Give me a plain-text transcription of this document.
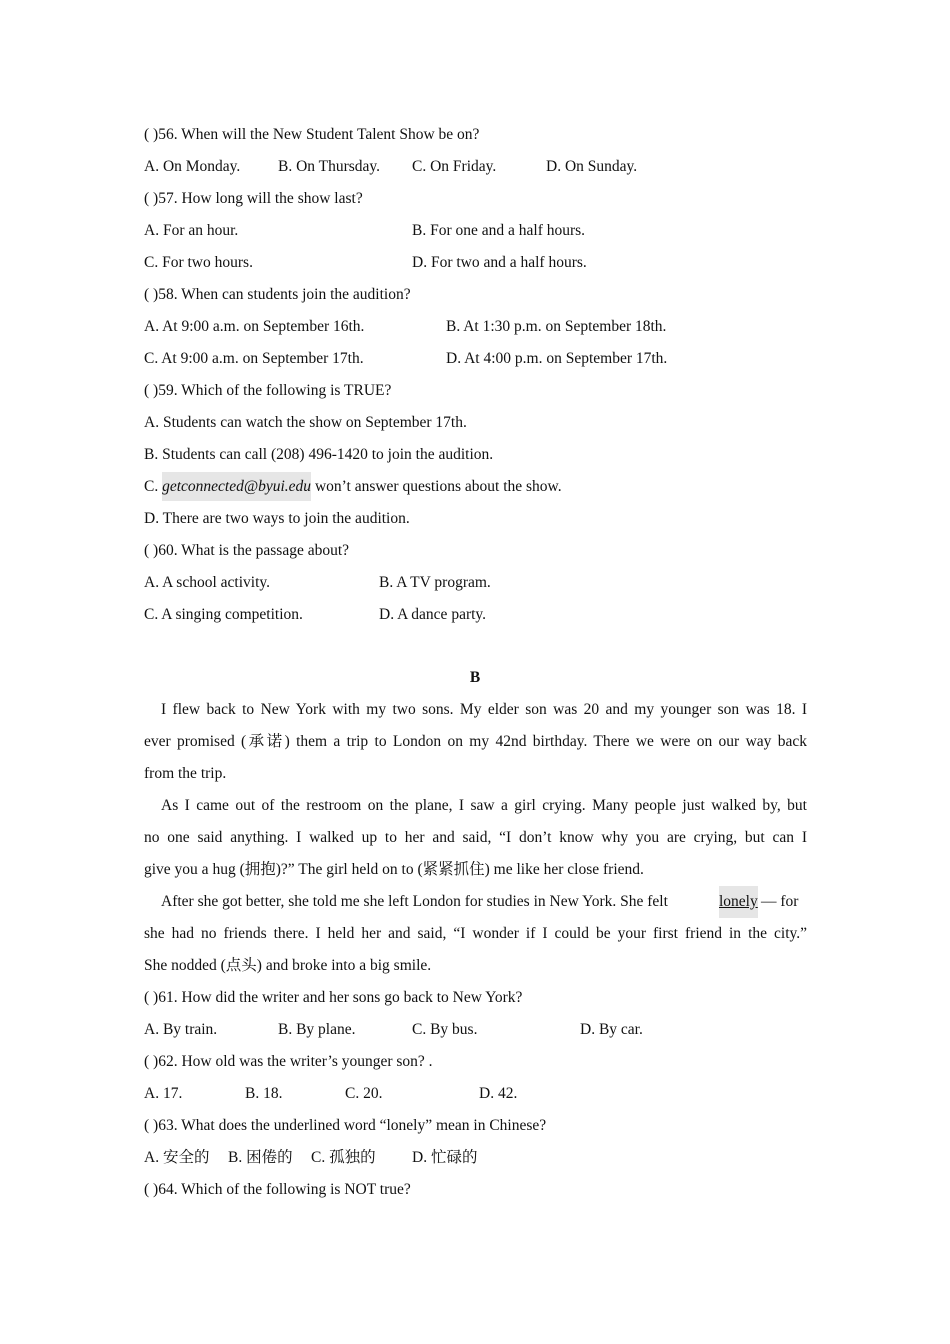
( )56. When will the New Student Talent Show be on?
A. On Monday. B. On Thursday. C. On Friday.	D. On Sunday.
( )57. How long will the show last?
A. For an hour.	B. For one and a half hours.
C. For two hours.	D. For two and a half hours.
( )58. When can students join the audition?
A. At 9:00 a.m. on September 16th.	B. At 1:30 p.m. on September 18th.
C. At 9:00 a.m. on September 17th.	D. At 4:00 p.m. on September 17th.
( )59. Which of the following is TRUE?
A. Students can watch the show on September 17th.
B. Students can call (208) 496-1420 to join the audition.
C. getconnected@byui.edu won’t answer questions about the show.
D. There are two ways to join the audition.
( )60. What is the passage about?
A. A school activity.	B. A TV program.
C. A singing competition.	D. A dance party.
B
I flew back to New York with my two sons. My elder son was 20 and my younger son was 18. I
ever promised (承诺) them a trip to London on my 42nd birthday. There we were on our way back
from the trip.
As I came out of the restroom on the plane, I saw a girl crying. Many people just walked by, but
no one said anything. I walked up to her and said, “I don’t know why you are crying, but can I
give you a hug (拥抱)?” The girl held on to (紧紧抓住) me like her close friend.
After she got better, she told me she left London for studies in New York. She felt	lonely — for
she had no friends there. I held her and said, “I wonder if I could be your first friend in the city.”
She nodded (点头) and broke into a big smile.
( )61. How did the writer and her sons go back to New York?
A. By train.	B. By plane.	C. By bus.	D. By car.
( )62. How old was the writer’s younger son? .
A. 17.	B. 18.	C. 20.	D. 42.
( )63. What does the underlined word “lonely” mean in Chinese?
A. 安全的 B. 困倦的 C. 孤独的 D. 忙碌的
( )64. Which of the following is NOT true?
